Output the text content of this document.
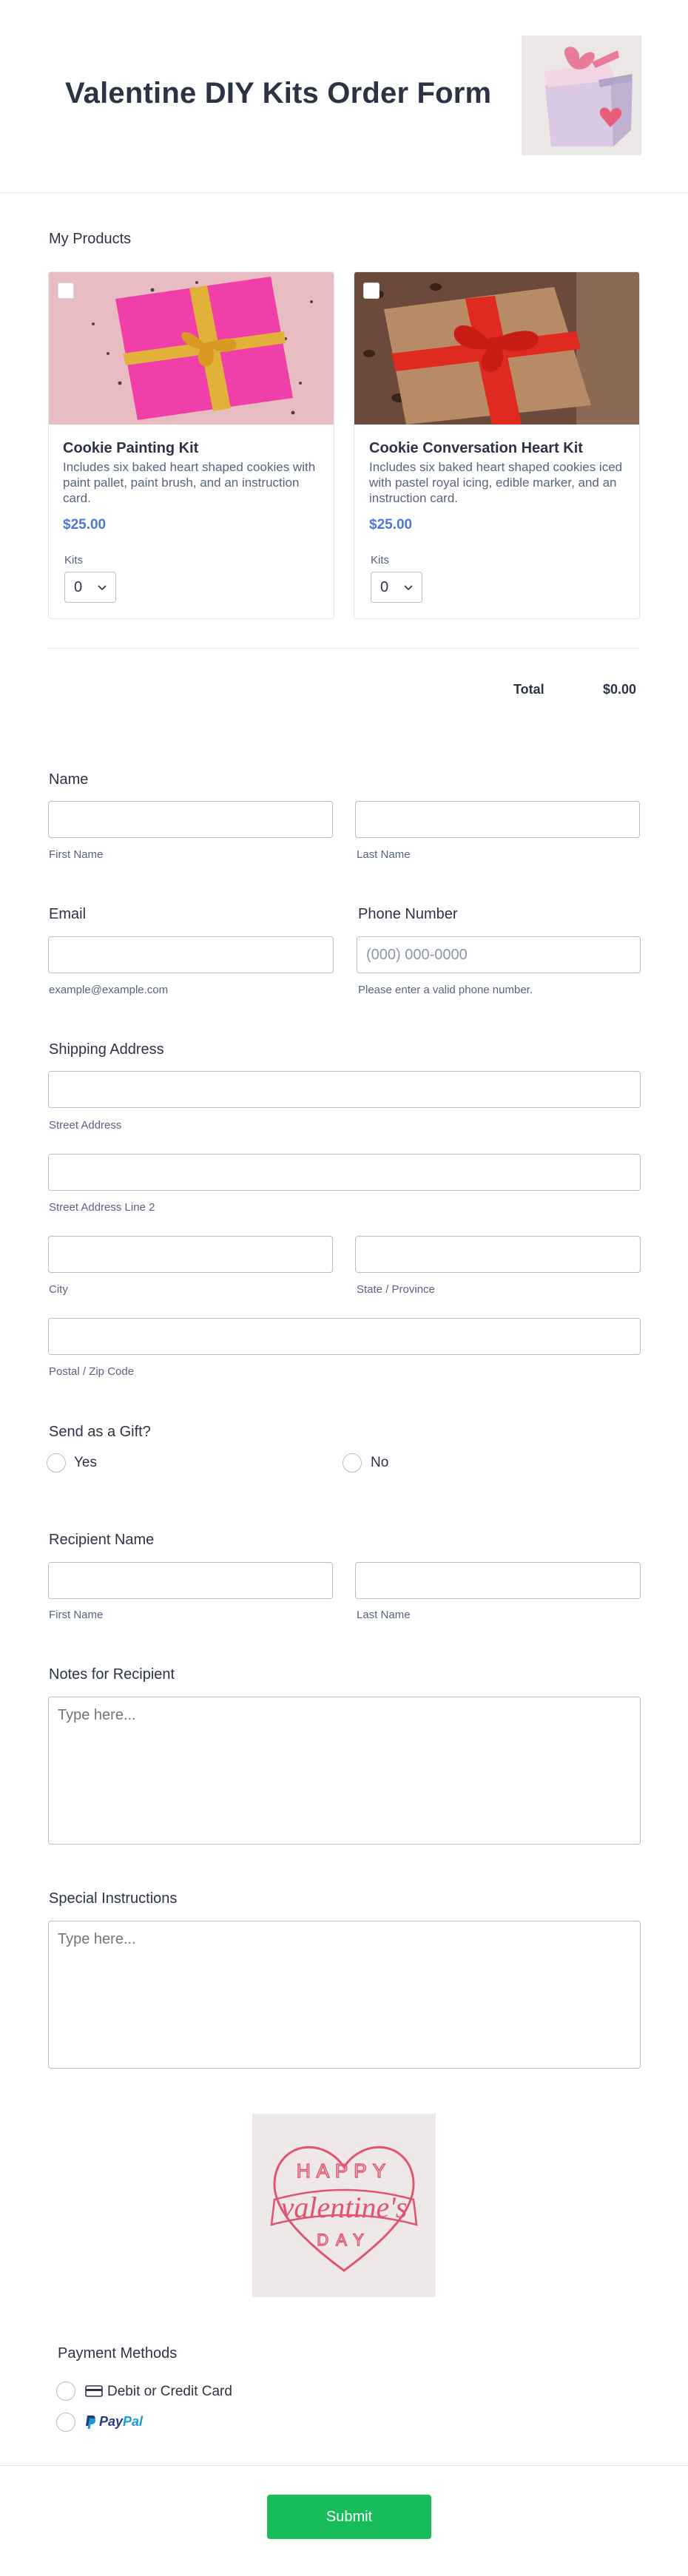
Valentine DIY Kits Order Form
My Products
Cookie Painting Kit
Includes six baked heart shaped cookies with paint pallet, paint brush, and an instruction card.
$25.00
Kits
0
Cookie Conversation Heart Kit
Includes six baked heart shaped cookies iced with pastel royal icing, edible marker, and an instruction card.
$25.00
Kits
0
Total	$0.00
Name
First Name	Last Name
Email	Phone Number
(000) 000-0000
example@example.com	Please enter a valid phone number.
Shipping Address
Street Address
Street Address Line 2
City	State / Province
Postal / Zip Code
Send as a Gift?
Yes	No
Recipient Name
First Name	Last Name
Notes for Recipient
Type here...
Special Instructions
Type here...
HAPPY
valentine's
DAY
Payment Methods
Debit or Credit Card
Pay Pal
Submit
